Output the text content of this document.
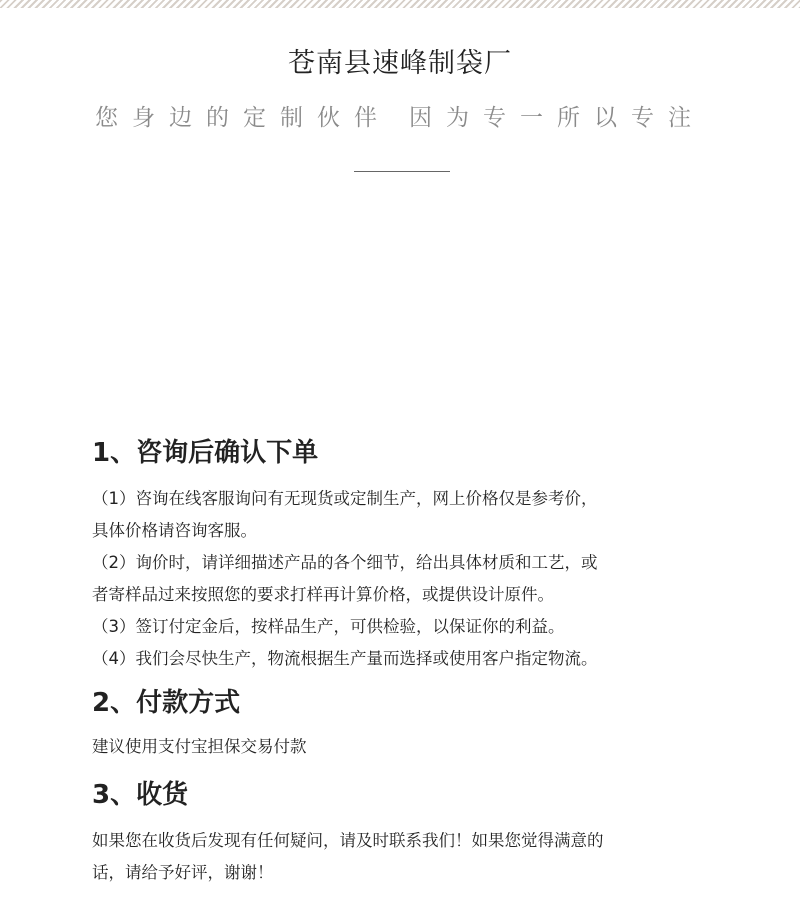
苍南县速峰制袋厂
您身边的定制伙伴 因为专一所以专注
1、咨询后确认下单

（1）咨询在线客服询问有无现货或定制生产，网上价格仅是参考价，

具体价格请咨询客服。

（2）询价时，请详细描述产品的各个细节，给出具体材质和工艺，或

者寄样品过来按照您的要求打样再计算价格，或提供设计原件。

（3）签订付定金后，按样品生产，可供检验，以保证你的利益。

（4）我们会尽快生产，物流根据生产量而选择或使用客户指定物流。

2、付款方式

建议使用支付宝担保交易付款

3、收货

如果您在收货后发现有任何疑问，请及时联系我们！如果您觉得满意的

话，请给予好评，谢谢！
